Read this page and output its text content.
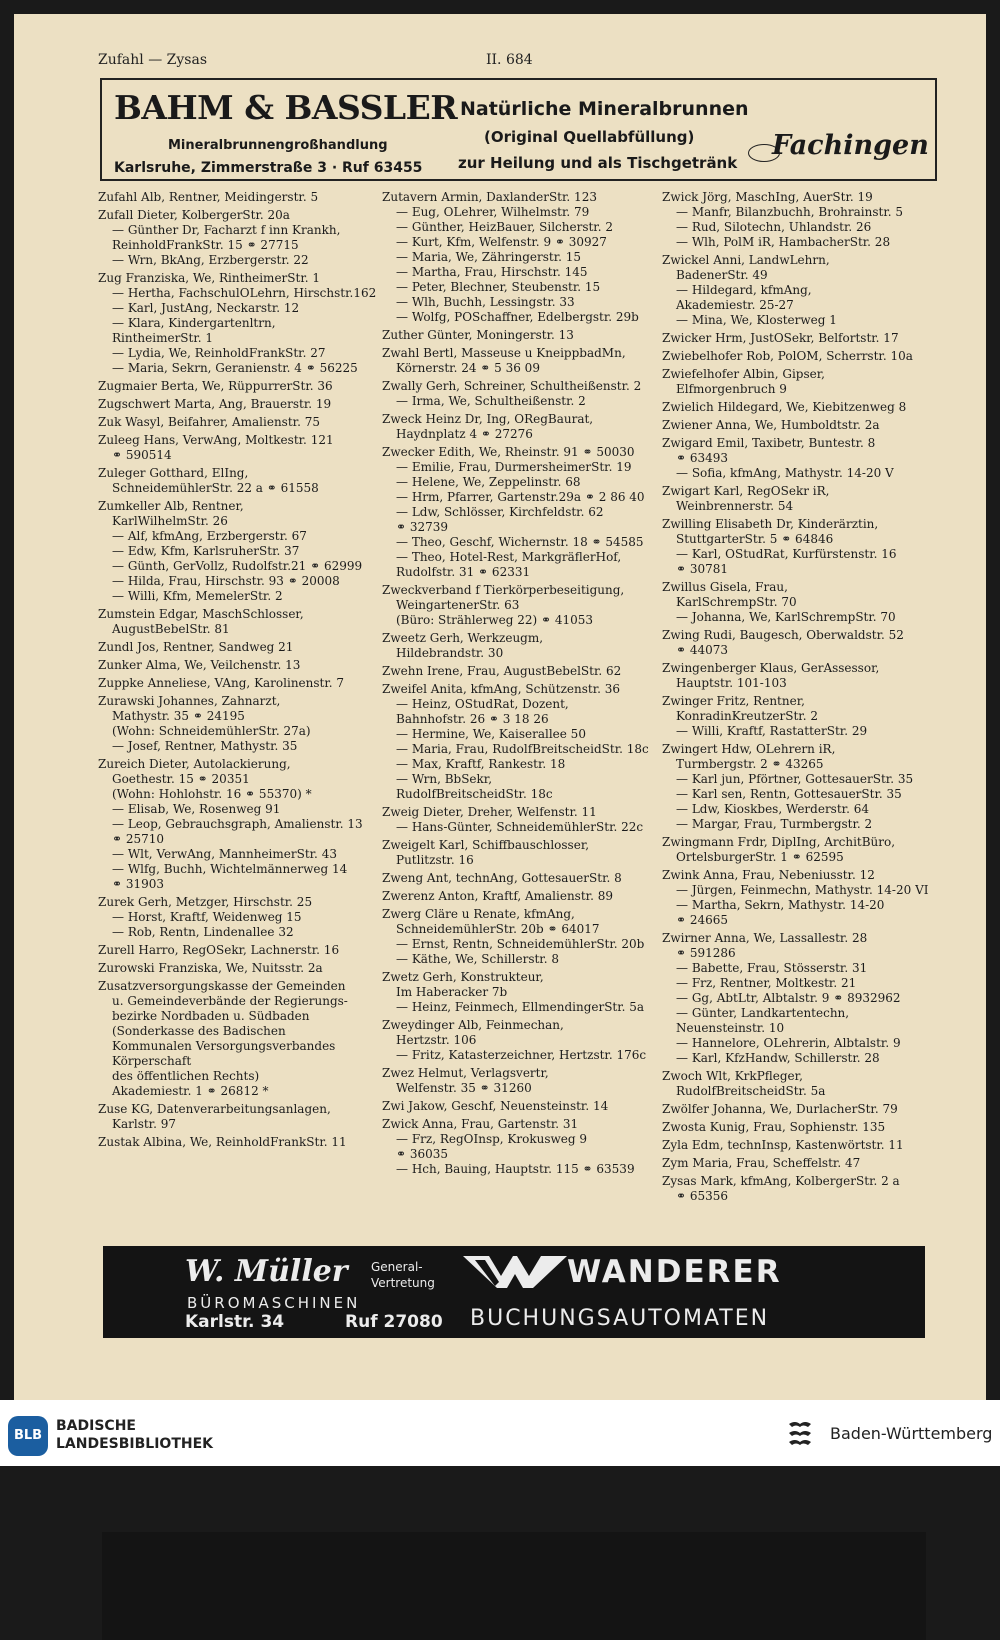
Zufahl — Zysas	II. 684
BAHM & BASSLER
Mineralbrunnengroßhandlung
Karlsruhe, Zimmerstraße 3 · Ruf 63455
Natürliche Mineralbrunnen
(Original Quellabfüllung)
zur Heilung und als Tischgetränk
Fachingen
Zufahl Alb, Rentner, Meidingerstr. 5
Zufall Dieter, KolbergerStr. 20a
— Günther Dr, Facharzt f inn Krankh,
ReinholdFrankStr. 15 ⚭ 27715
— Wrn, BkAng, Erzbergerstr. 22
Zug Franziska, We, RintheimerStr. 1
— Hertha, FachschulOLehrn, Hirschstr.162
— Karl, JustAng, Neckarstr. 12
— Klara, Kindergartenltrn,
RintheimerStr. 1
— Lydia, We, ReinholdFrankStr. 27
— Maria, Sekrn, Geranienstr. 4 ⚭ 56225
Zugmaier Berta, We, RüppurrerStr. 36
Zugschwert Marta, Ang, Brauerstr. 19
Zuk Wasyl, Beifahrer, Amalienstr. 75
Zuleeg Hans, VerwAng, Moltkestr. 121
⚭ 590514
Zuleger Gotthard, ElIng,
SchneidemühlerStr. 22 a ⚭ 61558
Zumkeller Alb, Rentner,
KarlWilhelmStr. 26
— Alf, kfmAng, Erzbergerstr. 67
— Edw, Kfm, KarlsruherStr. 37
— Günth, GerVollz, Rudolfstr.21 ⚭ 62999
— Hilda, Frau, Hirschstr. 93 ⚭ 20008
— Willi, Kfm, MemelerStr. 2
Zumstein Edgar, MaschSchlosser,
AugustBebelStr. 81
Zundl Jos, Rentner, Sandweg 21
Zunker Alma, We, Veilchenstr. 13
Zuppke Anneliese, VAng, Karolinenstr. 7
Zurawski Johannes, Zahnarzt,
Mathystr. 35 ⚭ 24195
(Wohn: SchneidemühlerStr. 27a)
— Josef, Rentner, Mathystr. 35
Zureich Dieter, Autolackierung,
Goethestr. 15 ⚭ 20351
(Wohn: Hohlohstr. 16 ⚭ 55370) *
— Elisab, We, Rosenweg 91
— Leop, Gebrauchsgraph, Amalienstr. 13
⚭ 25710
— Wlt, VerwAng, MannheimerStr. 43
— Wlfg, Buchh, Wichtelmännerweg 14
⚭ 31903
Zurek Gerh, Metzger, Hirschstr. 25
— Horst, Kraftf, Weidenweg 15
— Rob, Rentn, Lindenallee 32
Zurell Harro, RegOSekr, Lachnerstr. 16
Zurowski Franziska, We, Nuitsstr. 2a
Zusatzversorgungskasse der Gemeinden
u. Gemeindeverbände der Regierungs-
bezirke Nordbaden u. Südbaden
(Sonderkasse des Badischen
Kommunalen Versorgungsverbandes
Körperschaft
des öffentlichen Rechts)
Akademiestr. 1 ⚭ 26812 *
Zuse KG, Datenverarbeitungsanlagen,
Karlstr. 97
Zustak Albina, We, ReinholdFrankStr. 11
Zutavern Armin, DaxlanderStr. 123
— Eug, OLehrer, Wilhelmstr. 79
— Günther, HeizBauer, Silcherstr. 2
— Kurt, Kfm, Welfenstr. 9 ⚭ 30927
— Maria, We, Zähringerstr. 15
— Martha, Frau, Hirschstr. 145
— Peter, Blechner, Steubenstr. 15
— Wlh, Buchh, Lessingstr. 33
— Wolfg, POSchaffner, Edelbergstr. 29b
Zuther Günter, Moningerstr. 13
Zwahl Bertl, Masseuse u KneippbadMn,
Körnerstr. 24 ⚭ 5 36 09
Zwally Gerh, Schreiner, Schultheißenstr. 2
— Irma, We, Schultheißenstr. 2
Zweck Heinz Dr, Ing, ORegBaurat,
Haydnplatz 4 ⚭ 27276
Zwecker Edith, We, Rheinstr. 91 ⚭ 50030
— Emilie, Frau, DurmersheimerStr. 19
— Helene, We, Zeppelinstr. 68
— Hrm, Pfarrer, Gartenstr.29a ⚭ 2 86 40
— Ldw, Schlösser, Kirchfeldstr. 62
⚭ 32739
— Theo, Geschf, Wichernstr. 18 ⚭ 54585
— Theo, Hotel-Rest, MarkgräflerHof,
Rudolfstr. 31 ⚭ 62331
Zweckverband f Tierkörperbeseitigung,
WeingartenerStr. 63
(Büro: Strählerweg 22) ⚭ 41053
Zweetz Gerh, Werkzeugm,
Hildebrandstr. 30
Zwehn Irene, Frau, AugustBebelStr. 62
Zweifel Anita, kfmAng, Schützenstr. 36
— Heinz, OStudRat, Dozent,
Bahnhofstr. 26 ⚭ 3 18 26
— Hermine, We, Kaiserallee 50
— Maria, Frau, RudolfBreitscheidStr. 18c
— Max, Kraftf, Rankestr. 18
— Wrn, BbSekr,
RudolfBreitscheidStr. 18c
Zweig Dieter, Dreher, Welfenstr. 11
— Hans-Günter, SchneidemühlerStr. 22c
Zweigelt Karl, Schiffbauschlosser,
Putlitzstr. 16
Zweng Ant, technAng, GottesauerStr. 8
Zwerenz Anton, Kraftf, Amalienstr. 89
Zwerg Cläre u Renate, kfmAng,
SchneidemühlerStr. 20b ⚭ 64017
— Ernst, Rentn, SchneidemühlerStr. 20b
— Käthe, We, Schillerstr. 8
Zwetz Gerh, Konstrukteur,
Im Haberacker 7b
— Heinz, Feinmech, EllmendingerStr. 5a
Zweydinger Alb, Feinmechan,
Hertzstr. 106
— Fritz, Katasterzeichner, Hertzstr. 176c
Zwez Helmut, Verlagsvertr,
Welfenstr. 35 ⚭ 31260
Zwi Jakow, Geschf, Neuensteinstr. 14
Zwick Anna, Frau, Gartenstr. 31
— Frz, RegOInsp, Krokusweg 9
⚭ 36035
— Hch, Bauing, Hauptstr. 115 ⚭ 63539
Zwick Jörg, MaschIng, AuerStr. 19
— Manfr, Bilanzbuchh, Brohrainstr. 5
— Rud, Silotechn, Uhlandstr. 26
— Wlh, PolM iR, HambacherStr. 28
Zwickel Anni, LandwLehrn,
BadenerStr. 49
— Hildegard, kfmAng,
Akademiestr. 25-27
— Mina, We, Klosterweg 1
Zwicker Hrm, JustOSekr, Belfortstr. 17
Zwiebelhofer Rob, PolOM, Scherrstr. 10a
Zwiefelhofer Albin, Gipser,
Elfmorgenbruch 9
Zwielich Hildegard, We, Kiebitzenweg 8
Zwiener Anna, We, Humboldtstr. 2a
Zwigard Emil, Taxibetr, Buntestr. 8
⚭ 63493
— Sofia, kfmAng, Mathystr. 14-20 V
Zwigart Karl, RegOSekr iR,
Weinbrennerstr. 54
Zwilling Elisabeth Dr, Kinderärztin,
StuttgarterStr. 5 ⚭ 64846
— Karl, OStudRat, Kurfürstenstr. 16
⚭ 30781
Zwillus Gisela, Frau,
KarlSchrempStr. 70
— Johanna, We, KarlSchrempStr. 70
Zwing Rudi, Baugesch, Oberwaldstr. 52
⚭ 44073
Zwingenberger Klaus, GerAssessor,
Hauptstr. 101-103
Zwinger Fritz, Rentner,
KonradinKreutzerStr. 2
— Willi, Kraftf, RastatterStr. 29
Zwingert Hdw, OLehrern iR,
Turmbergstr. 2 ⚭ 43265
— Karl jun, Pförtner, GottesauerStr. 35
— Karl sen, Rentn, GottesauerStr. 35
— Ldw, Kioskbes, Werderstr. 64
— Margar, Frau, Turmbergstr. 2
Zwingmann Frdr, DiplIng, ArchitBüro,
OrtelsburgerStr. 1 ⚭ 62595
Zwink Anna, Frau, Nebeniusstr. 12
— Jürgen, Feinmechn, Mathystr. 14-20 VI
— Martha, Sekrn, Mathystr. 14-20
⚭ 24665
Zwirner Anna, We, Lassallestr. 28
⚭ 591286
— Babette, Frau, Stösserstr. 31
— Frz, Rentner, Moltkestr. 21
— Gg, AbtLtr, Albtalstr. 9 ⚭ 8932962
— Günter, Landkartentechn,
Neuensteinstr. 10
— Hannelore, OLehrerin, Albtalstr. 9
— Karl, KfzHandw, Schillerstr. 28
Zwoch Wlt, KrkPfleger,
RudolfBreitscheidStr. 5a
Zwölfer Johanna, We, DurlacherStr. 79
Zwosta Kunig, Frau, Sophienstr. 135
Zyla Edm, technInsp, Kastenwörtstr. 11
Zym Maria, Frau, Scheffelstr. 47
Zysas Mark, kfmAng, KolbergerStr. 2 a
⚭ 65356
W. Müller General-
Vertretung
BÜROMASCHINEN
Karlstr. 34	Ruf 27080
WANDERER
BUCHUNGSAUTOMATEN
BLB
BADISCHE
LANDESBIBLIOTHEK
Baden-Württemberg
